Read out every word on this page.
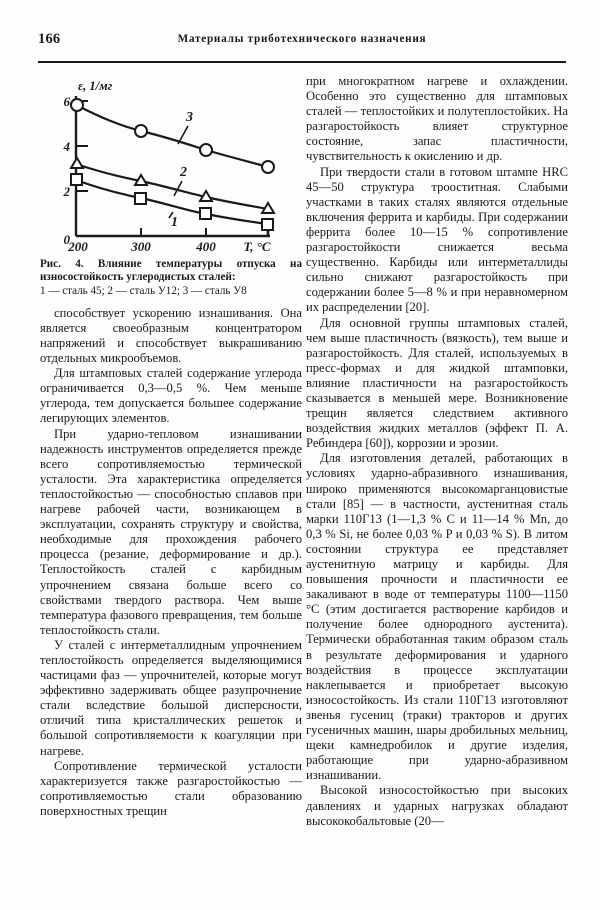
166	Материалы триботехнического назначения
ε, 1/мг
6
4
2
0
200	300	400 T, °C
3
2
1

Рис. 4. Влияние температуры отпуска на износостойкость углеродистых сталей:

1 — сталь 45; 2 — сталь У12; 3 — сталь У8

способствует ускорению изнашивания. Она является своеобразным концентратором напряжений и способствует выкрашиванию отдельных микрообъемов.

Для штамповых сталей содержание углерода ограничивается 0,3—0,5 %. Чем меньше углерода, тем допускается большее содержание легирующих элементов.

При ударно-тепловом изнашивании надежность инструментов определяется прежде всего сопротивляемостью термической усталости. Эта характеристика определяется теплостойкостью — способностью сплавов при нагреве рабочей части, возникающем в эксплуатации, сохранять структуру и свойства, необходимые для прохождения рабочего процесса (резание, деформирование и др.). Теплостойкость сталей с карбидным упрочнением связана больше всего со свойствами твердого раствора. Чем выше температура фазового превращения, тем больше теплостойкость стали.

У сталей с интерметаллидным упрочнением теплостойкость определяется выделяющимися частицами фаз — упрочнителей, которые могут эффективно задерживать общее разупрочнение стали вследствие большой дисперсности, отличий типа кристаллических решеток и большой сопротивляемости к коагуляции при нагреве.

Сопротивление термической усталости характеризуется также разгаростойкостью — сопротивляемостью стали образованию поверхностных трещин

при многократном нагреве и охлаждении. Особенно это существенно для штамповых сталей — теплостойких и полутеплостойких. На разгаростойкость влияет структурное состояние, запас пластичности, чувствительность к окислению и др.

При твердости стали в готовом штампе HRC 45—50 структура трооститная. Слабыми участками в таких сталях являются отдельные включения феррита и карбиды. При содержании феррита более 10—15 % сопротивление разгаростойкости снижается весьма существенно. Карбиды или интерметаллиды сильно снижают разгаростойкость при содержании более 5—8 % и при неравномерном их распределении [20].

Для основной группы штамповых сталей, чем выше пластичность (вязкость), тем выше и разгаростойкость. Для сталей, используемых в пресс-формах и для жидкой штамповки, влияние пластичности на разгаростойкость сказывается в меньшей мере. Возникновение трещин является следствием активного воздействия жидких металлов (эффект П. А. Ребиндера [60]), коррозии и эрозии.

Для изготовления деталей, работающих в условиях ударно-абразивного изнашивания, широко применяются высокомарганцовистые стали [85] — в частности, аустенитная сталь марки 110Г13 (1—1,3 % C и 11—14 % Mn, до 0,3 % Si, не более 0,03 % P и 0,03 % S). В литом состоянии структура ее представляет аустенитную матрицу и карбиды. Для повышения прочности и пластичности ее закаливают в воде от температуры 1100—1150 °C (этим достигается растворение карбидов и получение более однородного аустенита). Термически обработанная таким образом сталь в результате деформирования и ударного воздействия в процессе эксплуатации наклепывается и приобретает высокую износостойкость. Из стали 110Г13 изготовляют звенья гусениц (траки) тракторов и других гусеничных машин, шары дробильных мельниц, щеки камнедробилок и другие изделия, работающие при ударно-абразивном изнашивании.

Высокой износостойкостью при высоких давлениях и ударных нагрузках обладают высококобальтовые (20—
